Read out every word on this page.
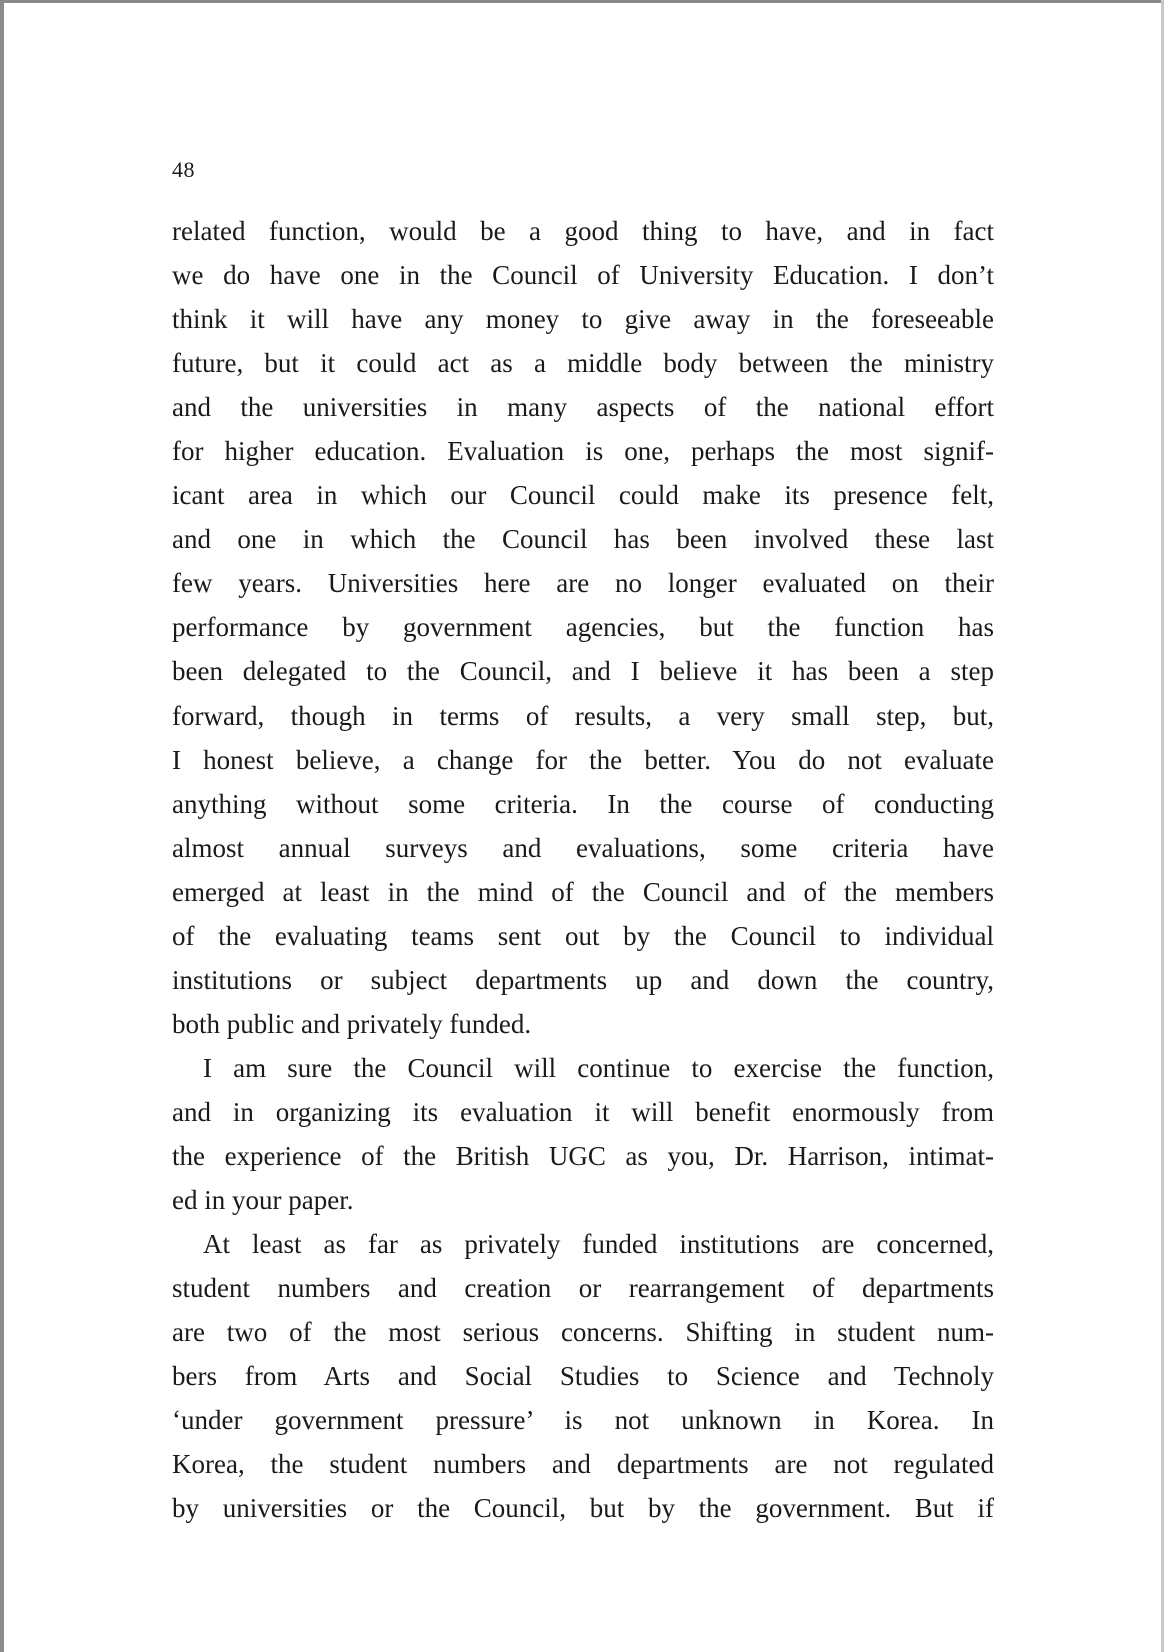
48
related function, would be a good thing to have, and in fact
we do have one in the Council of University Education. I don’t
think it will have any money to give away in the foreseeable
future, but it could act as a middle body between the ministry
and the universities in many aspects of the national effort
for higher education. Evaluation is one, perhaps the most signif-
icant area in which our Council could make its presence felt,
and one in which the Council has been involved these last
few years. Universities here are no longer evaluated on their
performance by government agencies, but the function has
been delegated to the Council, and I believe it has been a step
forward, though in terms of results, a very small step, but,
I honest believe, a change for the better. You do not evaluate
anything without some criteria. In the course of conducting
almost annual surveys and evaluations, some criteria have
emerged at least in the mind of the Council and of the members
of the evaluating teams sent out by the Council to individual
institutions or subject departments up and down the country,
both public and privately funded.
I am sure the Council will continue to exercise the function,
and in organizing its evaluation it will benefit enormously from
the experience of the British UGC as you, Dr. Harrison, intimat-
ed in your paper.
At least as far as privately funded institutions are concerned,
student numbers and creation or rearrangement of departments
are two of the most serious concerns. Shifting in student num-
bers from Arts and Social Studies to Science and Technoly
‘under government pressure’ is not unknown in Korea. In
Korea, the student numbers and departments are not regulated
by universities or the Council, but by the government. But if
